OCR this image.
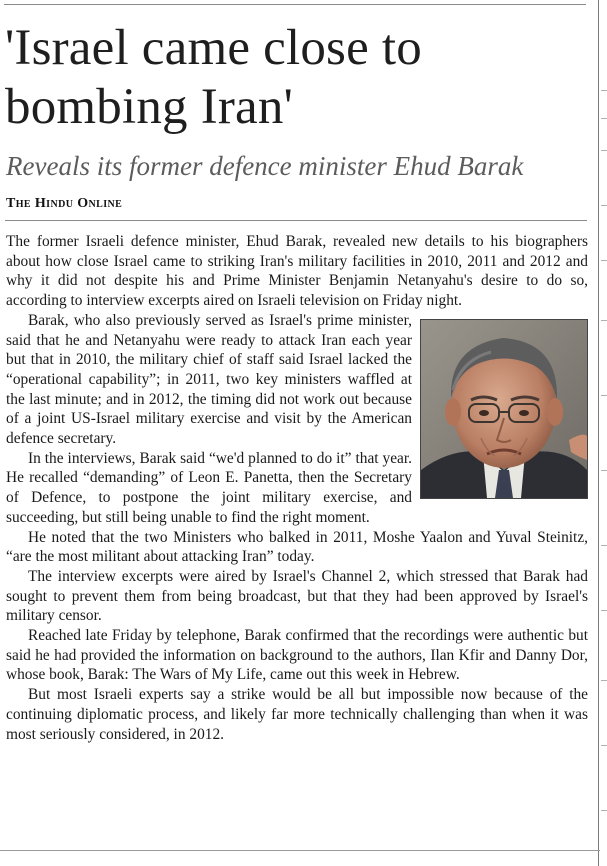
'Israel came close to bombing Iran'
Reveals its former defence minister Ehud Barak
The Hindu Online

The former Israeli defence minister, Ehud Barak, revealed new details to his biographers about how close Israel came to striking Iran's military facilities in 2010, 2011 and 2012 and why it did not despite his and Prime Minister Benjamin Netanyahu's desire to do so, according to interview excerpts aired on Israeli television on Friday night.

Barak, who also previously served as Israel's prime minister, said that he and Netanyahu were ready to attack Iran each year but that in 2010, the military chief of staff said Israel lacked the “operational capability”; in 2011, two key ministers waffled at the last minute; and in 2012, the timing did not work out because of a joint US-Israel military exercise and visit by the American defence secretary.

In the interviews, Barak said “we'd planned to do it” that year. He recalled “demanding” of Leon E. Panetta, then the Secretary of Defence, to postpone the joint military exercise, and succeeding, but still being unable to find the right moment.

He noted that the two Ministers who balked in 2011, Moshe Yaalon and Yuval Steinitz, “are the most militant about attacking Iran” today.

The interview excerpts were aired by Israel's Channel 2, which stressed that Barak had sought to prevent them from being broadcast, but that they had been approved by Israel's military censor.

Reached late Friday by telephone, Barak confirmed that the recordings were authentic but said he had provided the information on background to the authors, Ilan Kfir and Danny Dor, whose book, Barak: The Wars of My Life, came out this week in Hebrew.

But most Israeli experts say a strike would be all but impossible now because of the continuing diplomatic process, and likely far more technically challenging than when it was most seriously considered, in 2012.
